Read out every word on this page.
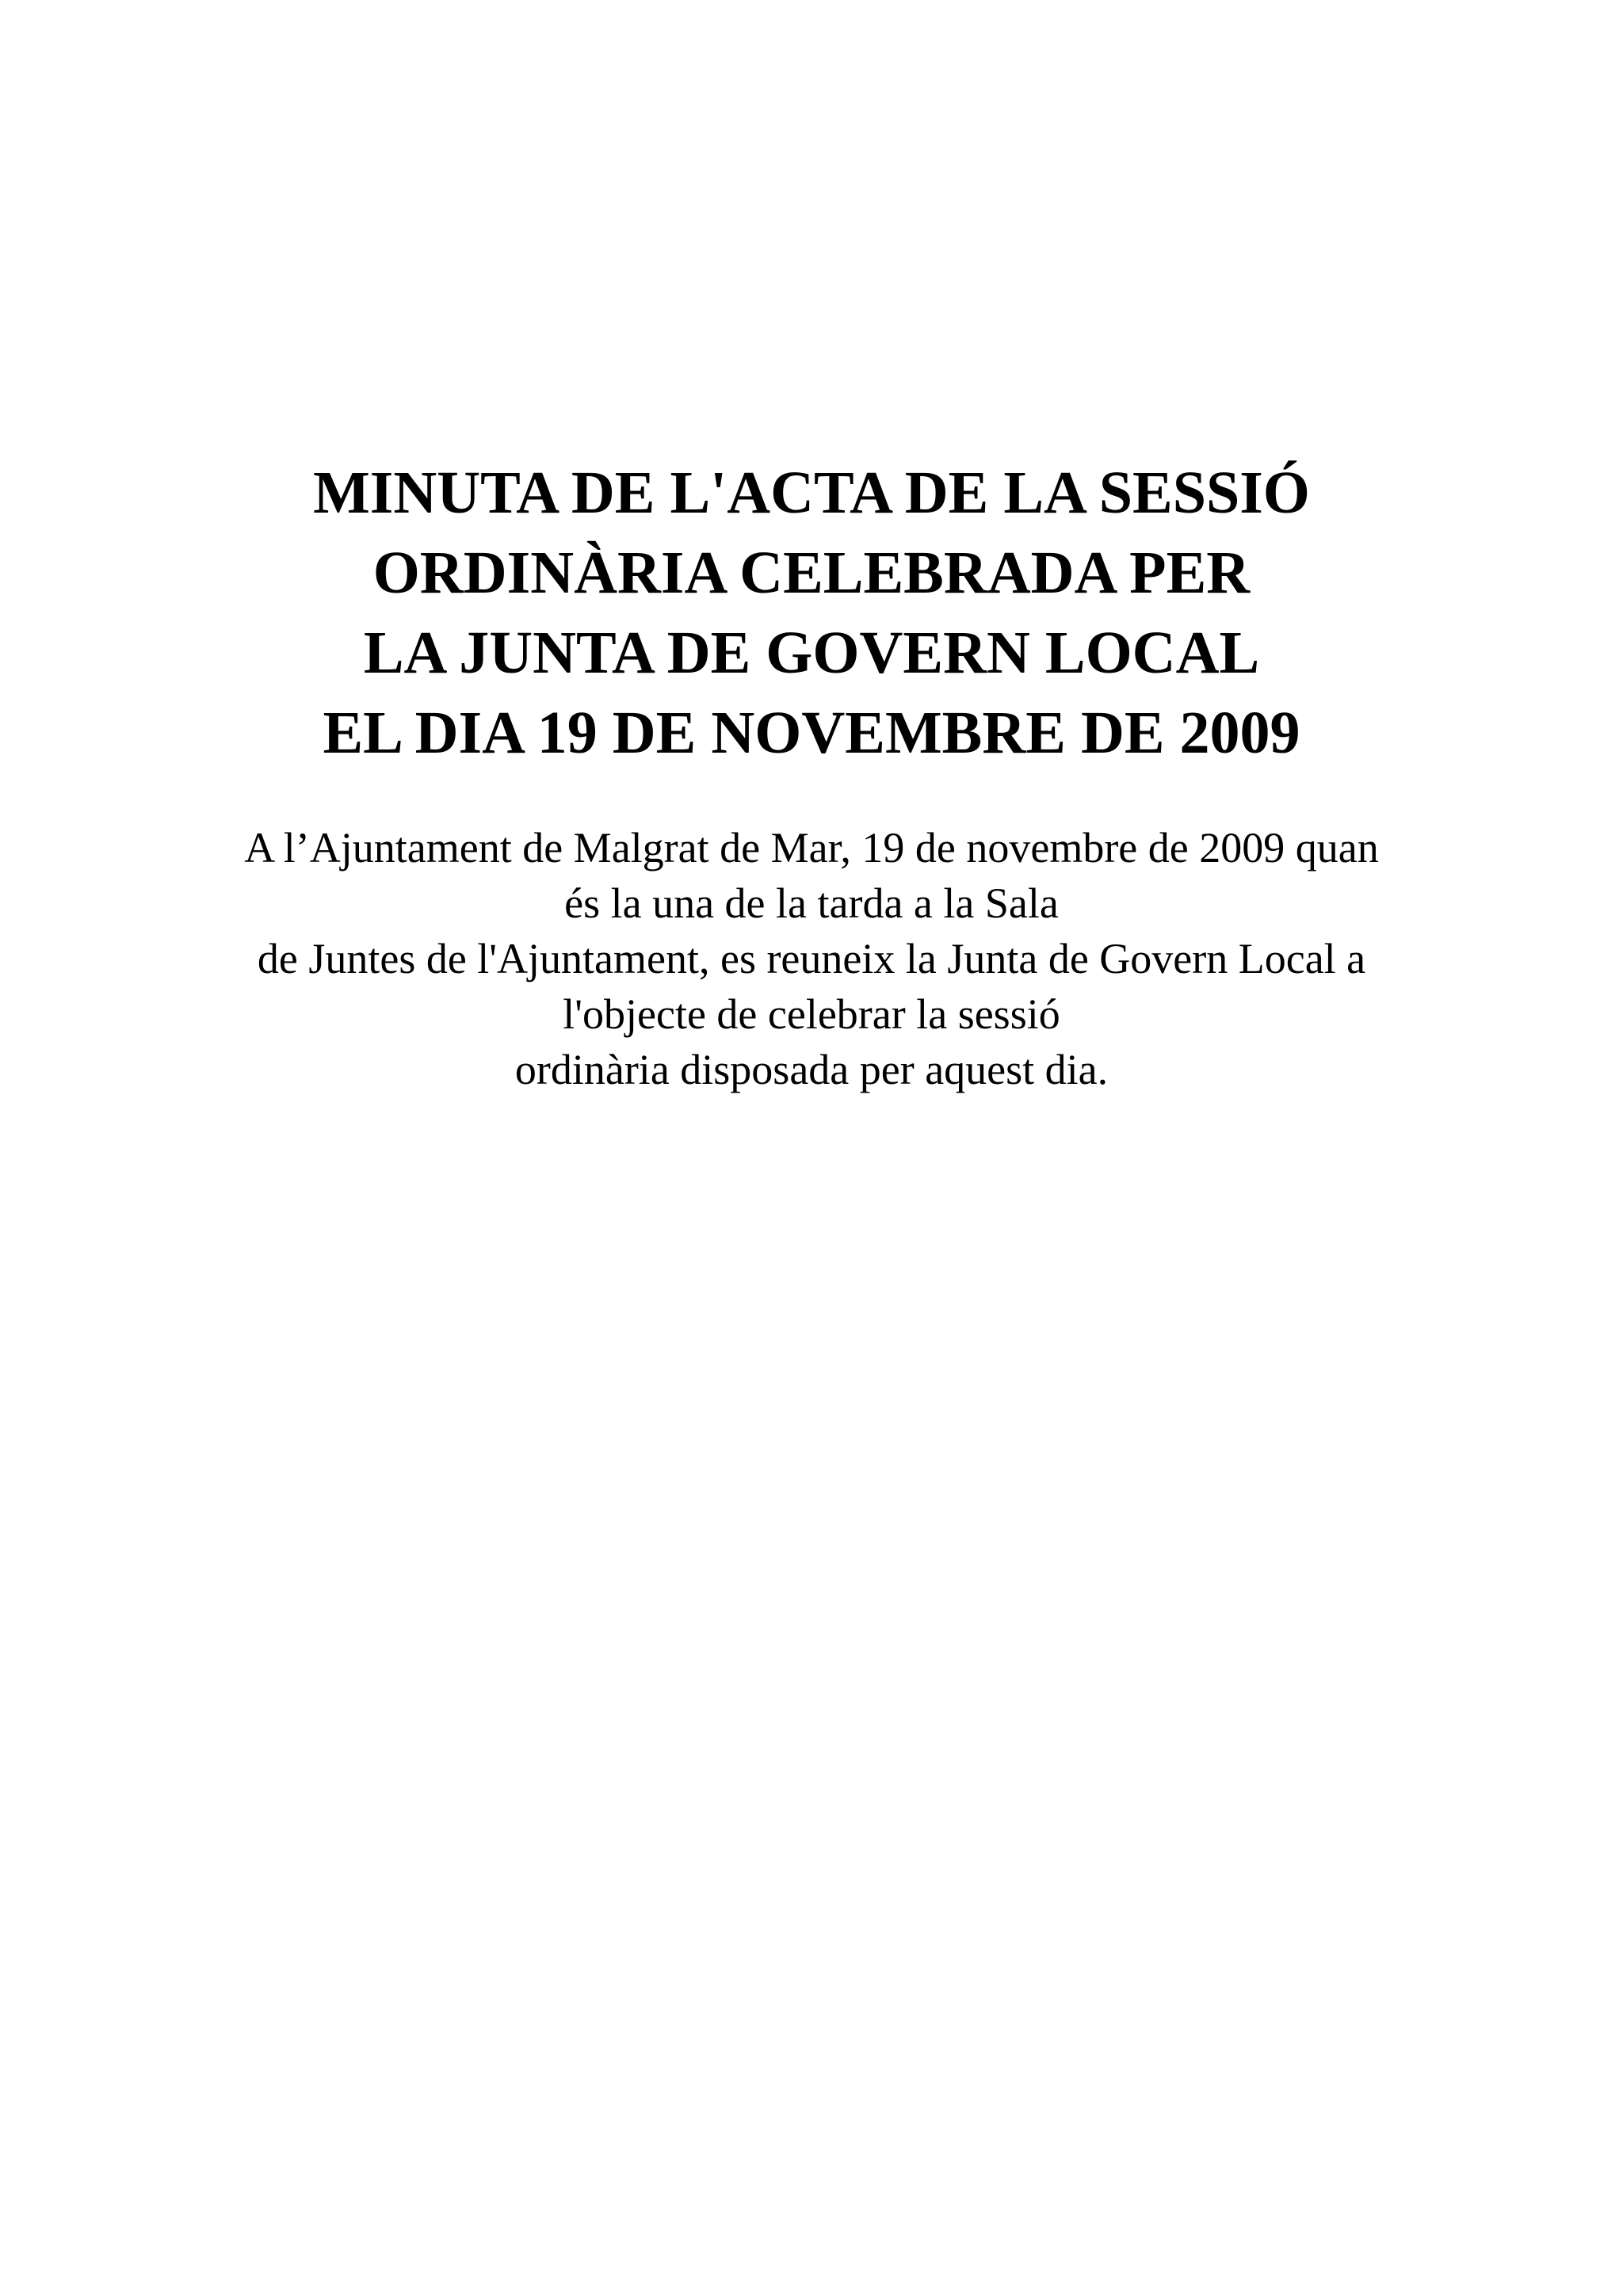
MINUTA DE L'ACTA DE LA SESSIÓ
ORDINÀRIA CELEBRADA PER
LA JUNTA DE GOVERN LOCAL
EL DIA 19 DE NOVEMBRE DE 2009

A l’Ajuntament de Malgrat de Mar, 19 de novembre de 2009 quan
és la una de la tarda a la Sala
de Juntes de l'Ajuntament, es reuneix la Junta de Govern Local a
l'objecte de celebrar la sessió
ordinària disposada per aquest dia.
